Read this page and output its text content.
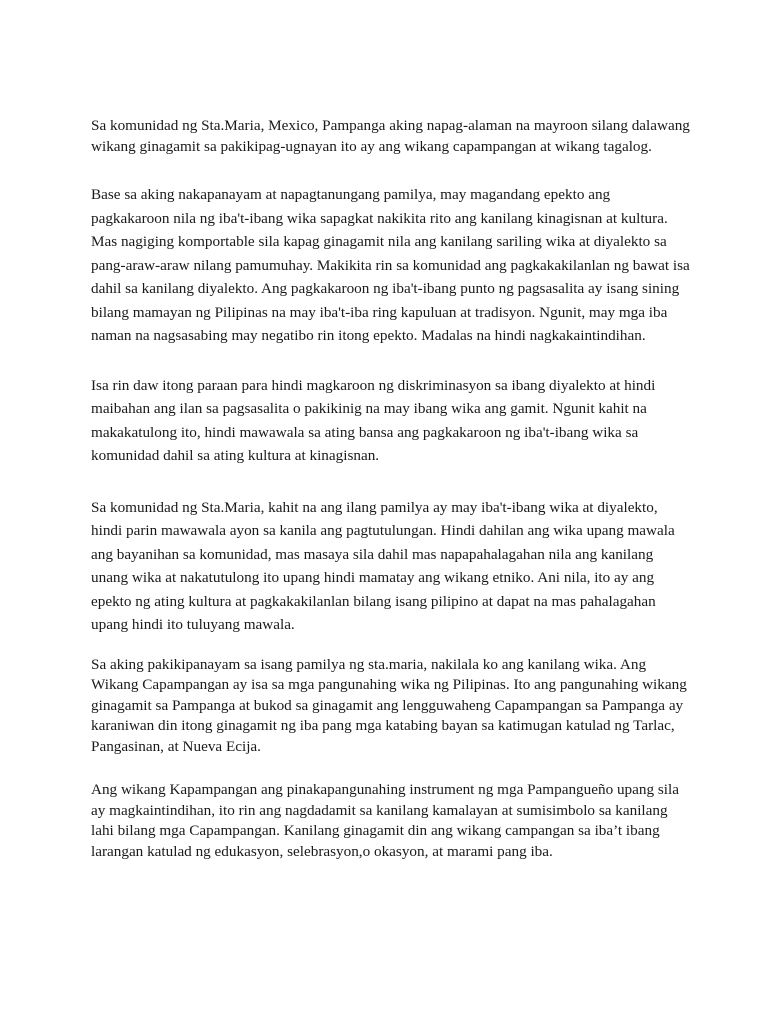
Sa komunidad ng Sta.Maria, Mexico, Pampanga aking napag-alaman na mayroon silang dalawang wikang ginagamit sa pakikipag-ugnayan ito ay ang wikang capampangan at wikang tagalog.

Base sa aking nakapanayam at napagtanungang pamilya, may magandang epekto ang pagkakaroon nila ng iba't-ibang wika sapagkat nakikita rito ang kanilang kinagisnan at kultura. Mas nagiging komportable sila kapag ginagamit nila ang kanilang sariling wika at diyalekto sa pang-araw-araw nilang pamumuhay. Makikita rin sa komunidad ang pagkakakilanlan ng bawat isa dahil sa kanilang diyalekto. Ang pagkakaroon ng iba't-ibang punto ng pagsasalita ay isang sining bilang mamayan ng Pilipinas na may iba't-iba ring kapuluan at tradisyon. Ngunit, may mga iba naman na nagsasabing may negatibo rin itong epekto. Madalas na hindi nagkakaintindihan.

Isa rin daw itong paraan para hindi magkaroon ng diskriminasyon sa ibang diyalekto at hindi maibahan ang ilan sa pagsasalita o pakikinig na may ibang wika ang gamit. Ngunit kahit na makakatulong ito, hindi mawawala sa ating bansa ang pagkakaroon ng iba't-ibang wika sa komunidad dahil sa ating kultura at kinagisnan.

Sa komunidad ng Sta.Maria, kahit na ang ilang pamilya ay may iba't-ibang wika at diyalekto, hindi parin mawawala ayon sa kanila ang pagtutulungan. Hindi dahilan ang wika upang mawala ang bayanihan sa komunidad, mas masaya sila dahil mas napapahalagahan nila ang kanilang unang wika at nakatutulong ito upang hindi mamatay ang wikang etniko. Ani nila, ito ay ang epekto ng ating kultura at pagkakakilanlan bilang isang pilipino at dapat na mas pahalagahan upang hindi ito tuluyang mawala.

Sa aking pakikipanayam sa isang pamilya ng sta.maria, nakilala ko ang kanilang wika. Ang Wikang Capampangan ay isa sa mga pangunahing wika ng Pilipinas. Ito ang pangunahing wikang ginagamit sa Pampanga at bukod sa ginagamit ang lengguwaheng Capampangan sa Pampanga ay karaniwan din itong ginagamit ng iba pang mga katabing bayan sa katimugan katulad ng Tarlac, Pangasinan, at Nueva Ecija.

Ang wikang Kapampangan ang pinakapangunahing instrument ng mga Pampangueño upang sila ay magkaintindihan, ito rin ang nagdadamit sa kanilang kamalayan at sumisimbolo sa kanilang lahi bilang mga Capampangan. Kanilang ginagamit din ang wikang campangan sa iba’t ibang larangan katulad ng edukasyon, selebrasyon,o okasyon, at marami pang iba.
